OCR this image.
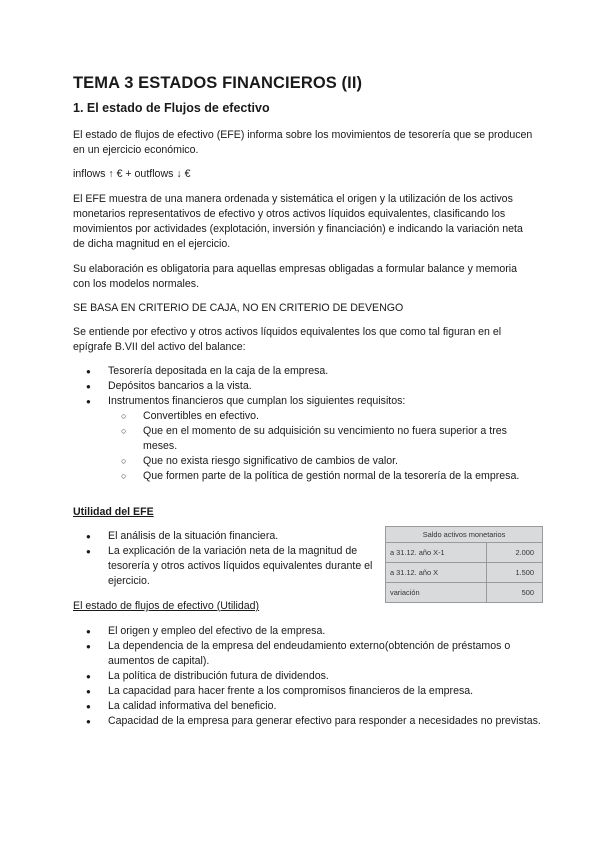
TEMA 3 ESTADOS FINANCIEROS (II)
1. El estado de Flujos de efectivo

El estado de flujos de efectivo (EFE) informa sobre los movimientos de tesorería que se producen en un ejercicio económico.

inflows ↑ € + outflows ↓ €

El EFE muestra de una manera ordenada y sistemática el origen y la utilización de los activos monetarios representativos de efectivo y otros activos líquidos equivalentes, clasificando los movimientos por actividades (explotación, inversión y financiación) e indicando la variación neta de dicha magnitud en el ejercicio.

Su elaboración es obligatoria para aquellas empresas obligadas a formular balance y memoria con los modelos normales.

SE BASA EN CRITERIO DE CAJA, NO EN CRITERIO DE DEVENGO

Se entiende por efectivo y otros activos líquidos equivalentes los que como tal figuran en el epígrafe B.VII del activo del balance:

● Tesorería depositada en la caja de la empresa.
● Depósitos bancarios a la vista.
● Instrumentos financieros que cumplan los siguientes requisitos:
○ Convertibles en efectivo.
○ Que en el momento de su adquisición su vencimiento no fuera superior a tres meses.
○ Que no exista riesgo significativo de cambios de valor.
○ Que formen parte de la política de gestión normal de la tesorería de la empresa.

Utilidad del EFE

● El análisis de la situación financiera.
● La explicación de la variación neta de la magnitud de tesorería y otros activos líquidos equivalentes durante el ejercicio.
Saldo activos monetarios
a 31.12. año X-1	2.000
a 31.12. año X	1.500
variación	500

El estado de flujos de efectivo (Utilidad)

● El origen y empleo del efectivo de la empresa.
● La dependencia de la empresa del endeudamiento externo(obtención de préstamos o aumentos de capital).
● La política de distribución futura de dividendos.
● La capacidad para hacer frente a los compromisos financieros de la empresa.
● La calidad informativa del beneficio.
● Capacidad de la empresa para generar efectivo para responder a necesidades no previstas.
